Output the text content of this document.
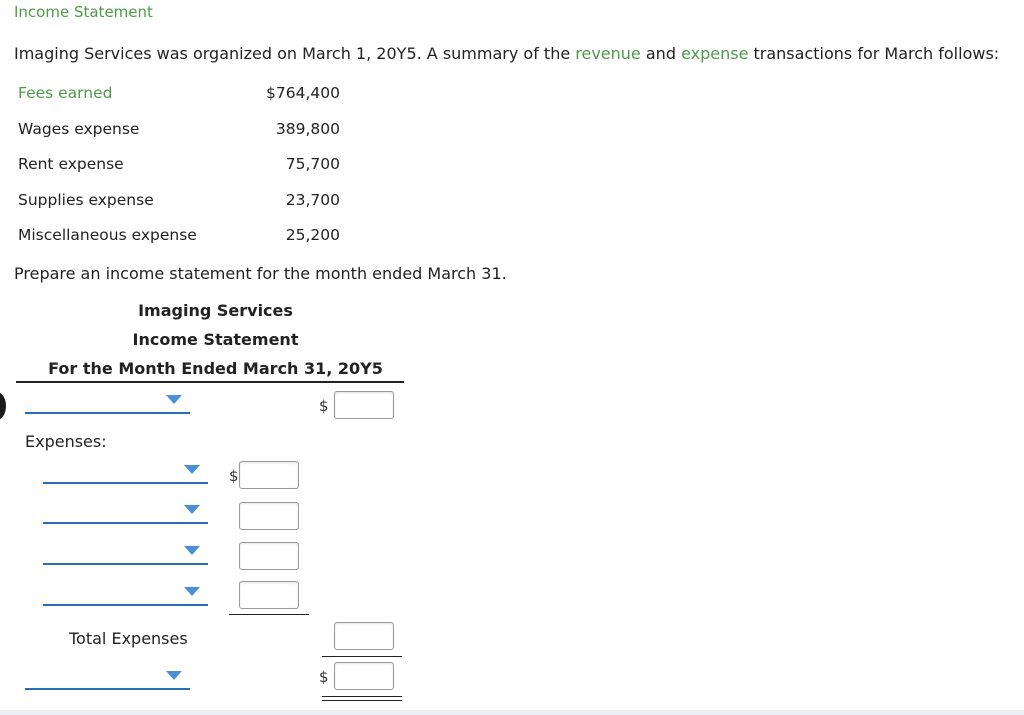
Income Statement
Imaging Services was organized on March 1, 20Y5. A summary of the revenue and expense transactions for March follows:
Fees earned	$764,400
Wages expense	389,800
Rent expense	75,700
Supplies expense	23,700
Miscellaneous expense	25,200
Prepare an income statement for the month ended March 31.
Imaging Services
Income Statement
For the Month Ended March 31, 20Y5
$
Expenses:
$
Total Expenses
$
